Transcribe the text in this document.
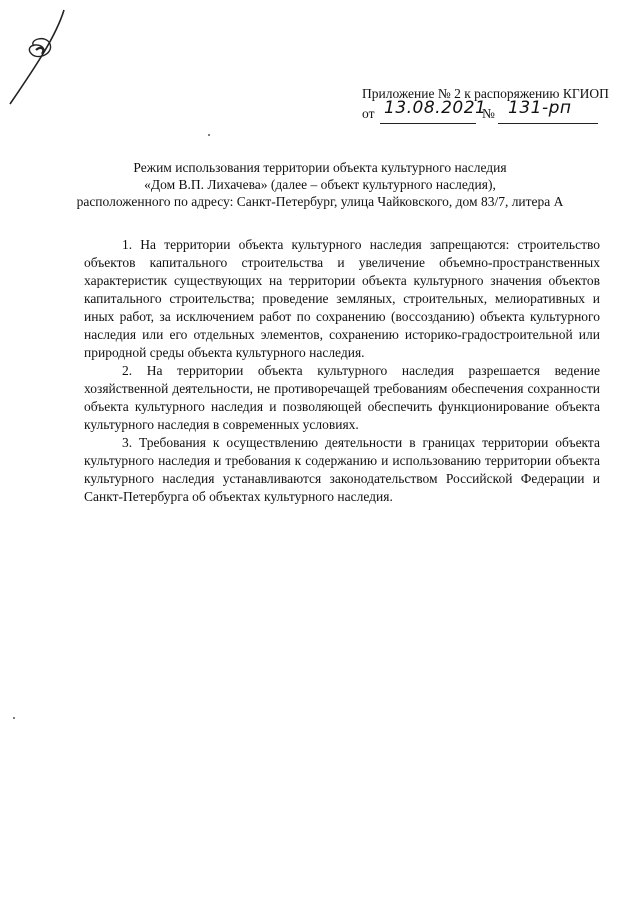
Приложение № 2 к распоряжению КГИОП
от 13.08.2021
№ 131-рп
Режим использования территории объекта культурного наследия
«Дом В.П. Лихачева» (далее – объект культурного наследия),
расположенного по адресу: Санкт-Петербург, улица Чайковского, дом 83/7, литера А

1. На территории объекта культурного наследия запрещаются: строительство объектов капитального строительства и увеличение объемно-пространственных характеристик существующих на территории объекта культурного значения объектов капитального строительства; проведение земляных, строительных, мелиоративных и иных работ, за исключением работ по сохранению (воссозданию) объекта культурного наследия или его отдельных элементов, сохранению историко-градостроительной или природной среды объекта культурного наследия.

2. На территории объекта культурного наследия разрешается ведение хозяйственной деятельности, не противоречащей требованиям обеспечения сохранности объекта культурного наследия и позволяющей обеспечить функционирование объекта культурного наследия в современных условиях.

3. Требования к осуществлению деятельности в границах территории объекта культурного наследия и требования к содержанию и использованию территории объекта культурного наследия устанавливаются законодательством Российской Федерации и Санкт-Петербурга об объектах культурного наследия.
